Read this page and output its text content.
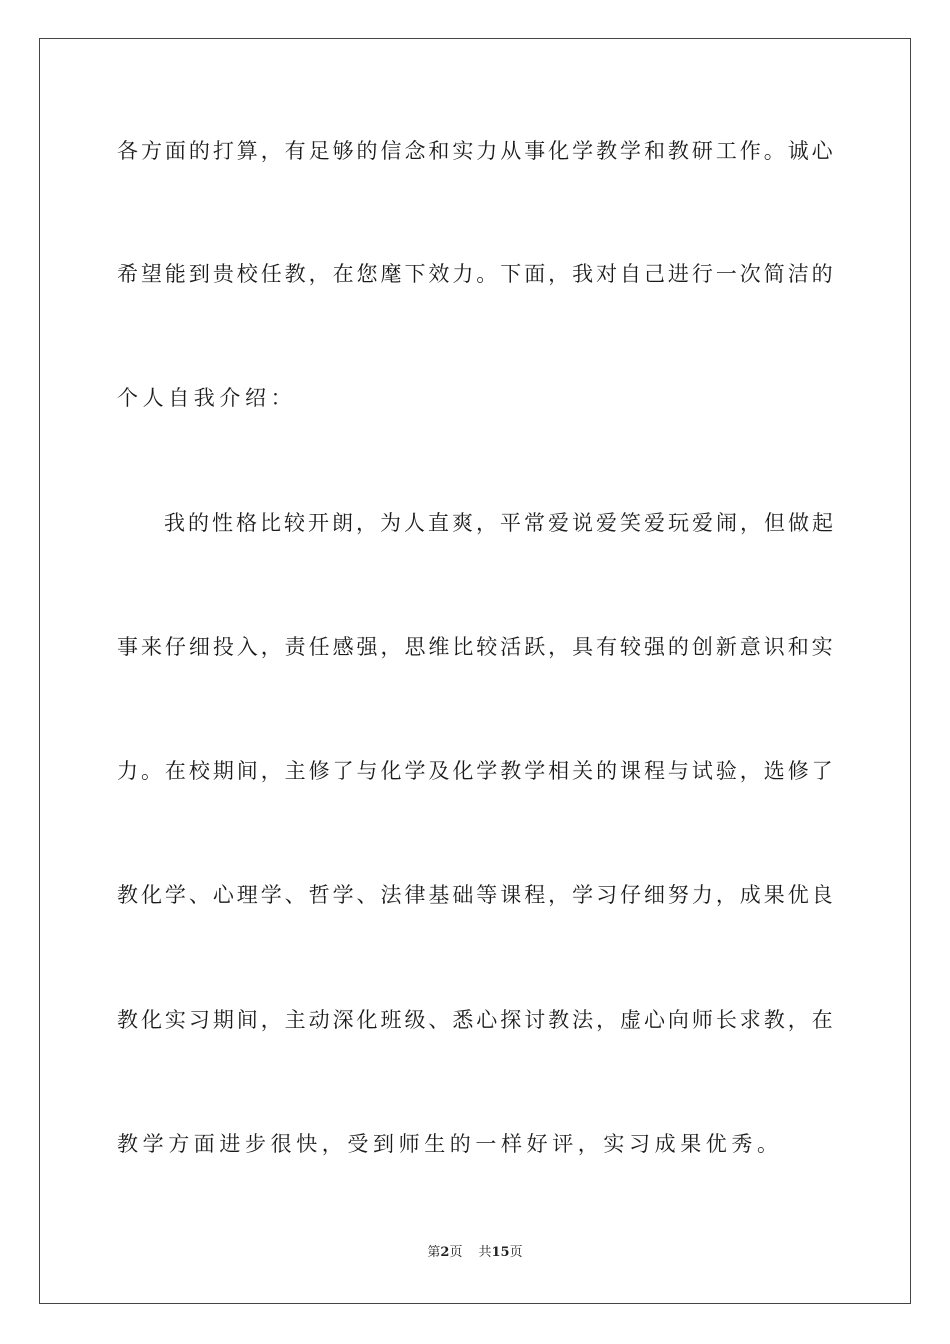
各 方 面 的 打 算 ， 有 足 够 的 信 念 和 实 力 从 事 化 学 教 学 和 教 研 工 作 。 诚 心
希 望 能 到 贵 校 任 教 ， 在 您 麾 下 效 力 。 下 面 ， 我 对 自 己 进 行 一 次 简 洁 的
个人自我介绍：
我 的 性 格 比 较 开 朗 ， 为 人 直 爽 ， 平 常 爱 说 爱 笑 爱 玩 爱 闹 ， 但 做 起
事 来 仔 细 投 入 ， 责 任 感 强 ， 思 维 比 较 活 跃 ， 具 有 较 强 的 创 新 意 识 和 实
力 。 在 校 期 间 ， 主 修 了 与 化 学 及 化 学 教 学 相 关 的 课 程 与 试 验 ， 选 修 了
教 化 学 、 心 理 学 、 哲 学 、 法 律 基 础 等 课 程 ， 学 习 仔 细 努 力 ， 成 果 优 良
教 化 实 习 期 间 ， 主 动 深 化 班 级 、 悉 心 探 讨 教 法 ， 虚 心 向 师 长 求 教 ， 在
教学方面进步很快，受到师生的一样好评，实习成果优秀。
第2页 共15页
